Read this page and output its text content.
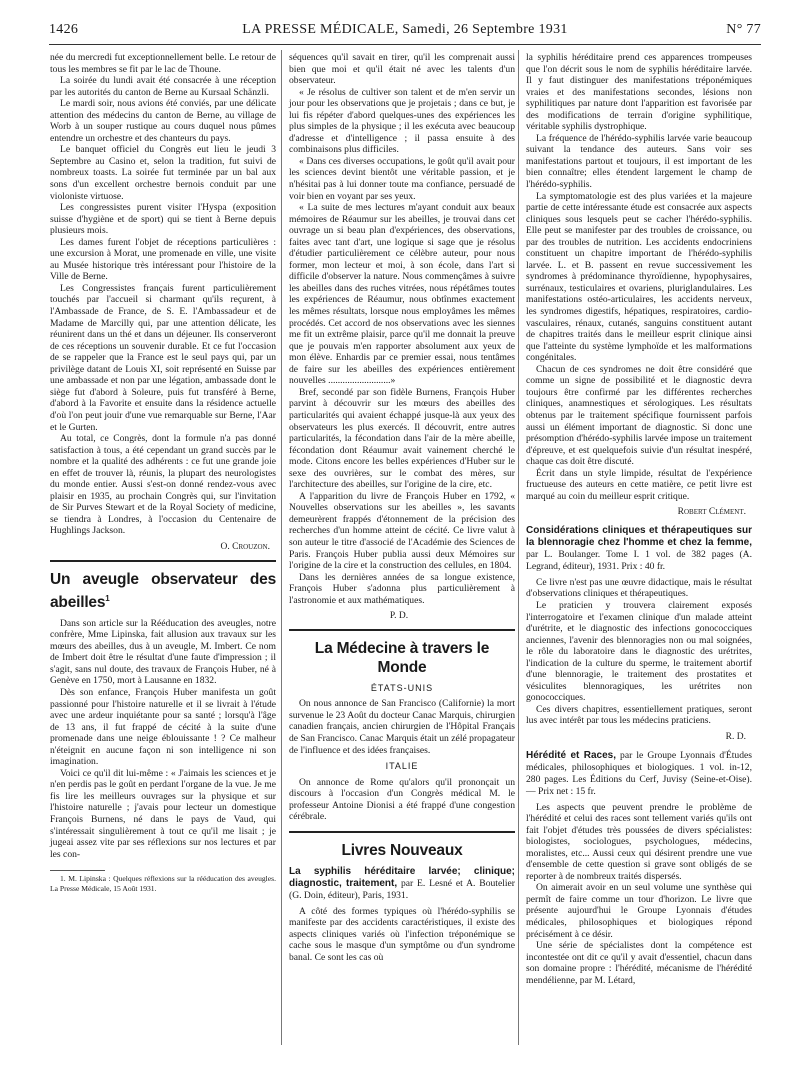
1426	LA PRESSE MÉDICALE, Samedi, 26 Septembre 1931	N° 77

née du mercredi fut exceptionnellement belle. Le retour de tous les membres se fit par le lac de Thoune.

La soirée du lundi avait été consacrée à une réception par les autorités du canton de Berne au Kursaal Schänzli.

Le mardi soir, nous avions été conviés, par une délicate attention des médecins du canton de Berne, au village de Worb à un souper rustique au cours duquel nous pûmes entendre un orchestre et des chanteurs du pays.

Le banquet officiel du Congrès eut lieu le jeudi 3 Septembre au Casino et, selon la tradition, fut suivi de nombreux toasts. La soirée fut terminée par un bal aux sons d'un excellent orchestre bernois conduit par une violoniste virtuose.

Les congressistes purent visiter l'Hyspa (exposition suisse d'hygiène et de sport) qui se tient à Berne depuis plusieurs mois.

Les dames furent l'objet de réceptions particulières : une excursion à Morat, une promenade en ville, une visite au Musée historique très intéressant pour l'histoire de la Ville de Berne.

Les Congressistes français furent particulièrement touchés par l'accueil si charmant qu'ils reçurent, à l'Ambassade de France, de S. E. l'Ambassadeur et de Madame de Marcilly qui, par une attention délicate, les réunirent dans un thé et dans un déjeuner. Ils conserveront de ces réceptions un souvenir durable. Et ce fut l'occasion de se rappeler que la France est le seul pays qui, par un privilège datant de Louis XI, soit représenté en Suisse par une ambassade et non par une légation, ambassade dont le siège fut d'abord à Soleure, puis fut transféré à Berne, d'abord à la Favorite et ensuite dans la résidence actuelle d'où l'on peut jouir d'une vue remarquable sur Berne, l'Aar et le Gurten.

Au total, ce Congrès, dont la formule n'a pas donné satisfaction à tous, a été cependant un grand succès par le nombre et la qualité des adhérents : ce fut une grande joie en effet de trouver là, réunis, la plupart des neurologistes du monde entier. Aussi s'est-on donné rendez-vous avec plaisir en 1935, au prochain Congrès qui, sur l'invitation de Sir Purves Stewart et de la Royal Society of medicine, se tiendra à Londres, à l'occasion du Centenaire de Hughlings Jackson.

O. Crouzon.
Un aveugle observateur des abeilles$^1$

Dans son article sur la Rééducation des aveugles, notre confrère, Mme Lipinska, fait allusion aux travaux sur les mœurs des abeilles, dus à un aveugle, M. Imbert. Ce nom de Imbert doit être le résultat d'une faute d'impression ; il s'agit, sans nul doute, des travaux de François Huber, né à Genève en 1750, mort à Lausanne en 1832.

Dès son enfance, François Huber manifesta un goût passionné pour l'histoire naturelle et il se livrait à l'étude avec une ardeur inquiétante pour sa santé ; lorsqu'à l'âge de 13 ans, il fut frappé de cécité à la suite d'une promenade dans une neige éblouissante ! ? Ce malheur n'éteignit en aucune façon ni son intelligence ni son imagination.

Voici ce qu'il dit lui-même : « J'aimais les sciences et je n'en perdis pas le goût en perdant l'organe de la vue. Je me fis lire les meilleurs ouvrages sur la physique et sur l'histoire naturelle ; j'avais pour lecteur un domestique François Burnens, né dans le pays de Vaud, qui s'intéressait singulièrement à tout ce qu'il me lisait ; je jugeai assez vite par ses réflexions sur nos lectures et par les con-

1. M. Lipinska : Quelques réflexions sur la rééducation des aveugles. La Presse Médicale, 15 Août 1931.

séquences qu'il savait en tirer, qu'il les comprenait aussi bien que moi et qu'il était né avec les talents d'un observateur.

« Je résolus de cultiver son talent et de m'en servir un jour pour les observations que je projetais ; dans ce but, je lui fis répéter d'abord quelques-unes des expériences les plus simples de la physique ; il les exécuta avec beaucoup d'adresse et d'intelligence ; il passa ensuite à des combinaisons plus difficiles.

« Dans ces diverses occupations, le goût qu'il avait pour les sciences devint bientôt une véritable passion, et je n'hésitai pas à lui donner toute ma confiance, persuadé de voir bien en voyant par ses yeux.

« La suite de mes lectures m'ayant conduit aux beaux mémoires de Réaumur sur les abeilles, je trouvai dans cet ouvrage un si beau plan d'expériences, des observations, faites avec tant d'art, une logique si sage que je résolus d'étudier particulièrement ce célèbre auteur, pour nous former, mon lecteur et moi, à son école, dans l'art si difficile d'observer la nature. Nous commençâmes à suivre les abeilles dans des ruches vitrées, nous répétâmes toutes les expériences de Réaumur, nous obtînmes exactement les mêmes résultats, lorsque nous employâmes les mêmes procédés. Cet accord de nos observations avec les siennes me fit un extrême plaisir, parce qu'il me donnait la preuve que je pouvais m'en rapporter absolument aux yeux de mon élève. Enhardis par ce premier essai, nous tentâmes de faire sur les abeilles des expériences entièrement nouvelles ..........................»

Bref, secondé par son fidèle Burnens, François Huber parvint à découvrir sur les mœurs des abeilles des particularités qui avaient échappé jusque-là aux yeux des observateurs les plus exercés. Il découvrit, entre autres particularités, la fécondation dans l'air de la mère abeille, fécondation dont Réaumur avait vainement cherché le mode. Citons encore les belles expériences d'Huber sur le sexe des ouvrières, sur le combat des mères, sur l'architecture des abeilles, sur l'origine de la cire, etc.

A l'apparition du livre de François Huber en 1792, « Nouvelles observations sur les abeilles », les savants demeurèrent frappés d'étonnement de la précision des recherches d'un homme atteint de cécité. Ce livre valut à son auteur le titre d'associé de l'Académie des Sciences de Paris. François Huber publia aussi deux Mémoires sur l'origine de la cire et la construction des cellules, en 1804.

Dans les dernières années de sa longue existence, François Huber s'adonna plus particulièrement à l'astronomie et aux mathématiques.

P. D.
La Médecine à travers le Monde
ÉTATS-UNIS

On nous annonce de San Francisco (Californie) la mort survenue le 23 Août du docteur Canac Marquis, chirurgien canadien français, ancien chirurgien de l'Hôpital Français de San Francisco. Canac Marquis était un zélé propagateur de l'influence et des idées françaises.

ITALIE

On annonce de Rome qu'alors qu'il prononçait un discours à l'occasion d'un Congrès médical M. le professeur Antoine Dionisi a été frappé d'une congestion cérébrale.

Livres Nouveaux
La syphilis héréditaire larvée; clinique; diagnostic, traitement, par E. Lesné et A. Boutelier (G. Doin, éditeur), Paris, 1931.

A côté des formes typiques où l'hérédo-syphilis se manifeste par des accidents caractéristiques, il existe des aspects cliniques variés où l'infection tréponémique se cache sous le masque d'un symptôme ou d'un syndrome banal. Ce sont les cas où

la syphilis héréditaire prend ces apparences trompeuses que l'on décrit sous le nom de syphilis héréditaire larvée. Il y faut distinguer des manifestations tréponémiques vraies et des manifestations secondes, lésions non syphilitiques par nature dont l'apparition est favorisée par des modifications de terrain d'origine syphilitique, véritable syphilis dystrophique.

La fréquence de l'hérédo-syphilis larvée varie beaucoup suivant la tendance des auteurs. Sans voir ses manifestations partout et toujours, il est important de les bien connaître; elles étendent largement le champ de l'hérédo-syphilis.

La symptomatologie est des plus variées et la majeure partie de cette intéressante étude est consacrée aux aspects cliniques sous lesquels peut se cacher l'hérédo-syphilis. Elle peut se manifester par des troubles de croissance, ou par des troubles de nutrition. Les accidents endocriniens constituent un chapitre important de l'hérédo-syphilis larvée. L. et B. passent en revue successivement les syndromes à prédominance thyroïdienne, hypophysaires, surrénaux, testiculaires et ovariens, pluriglandulaires. Les manifestations ostéo-articulaires, les accidents nerveux, les syndromes digestifs, hépatiques, respiratoires, cardio-vasculaires, rénaux, cutanés, sanguins constituent autant de chapitres traités dans le meilleur esprit clinique ainsi que l'atteinte du système lymphoïde et les malformations congénitales.

Chacun de ces syndromes ne doit être considéré que comme un signe de possibilité et le diagnostic devra toujours être confirmé par les différentes recherches cliniques, anamnestiques et sérologiques. Les résultats obtenus par le traitement spécifique fournissent parfois aussi un élément important de diagnostic. Si donc une présomption d'hérédo-syphilis larvée impose un traitement d'épreuve, et est quelquefois suivie d'un résultat inespéré, chaque cas doit être discuté.

Écrit dans un style limpide, résultat de l'expérience fructueuse des auteurs en cette matière, ce petit livre est marqué au coin du meilleur esprit critique.

Robert Clément.
Considérations cliniques et thérapeutiques sur la blennoragie chez l'homme et chez la femme, par L. Boulanger. Tome I. 1 vol. de 382 pages (A. Legrand, éditeur), 1931. Prix : 40 fr.

Ce livre n'est pas une œuvre didactique, mais le résultat d'observations cliniques et thérapeutiques.

Le praticien y trouvera clairement exposés l'interrogatoire et l'examen clinique d'un malade atteint d'urétrite, et le diagnostic des infections gonococciques anciennes, l'avenir des blennoragies non ou mal soignées, le rôle du laboratoire dans le diagnostic des urétrites, l'indication de la culture du sperme, le traitement abortif d'une blennoragie, le traitement des prostatites et vésiculites blennoragiques, les urétrites non gonococciques.

Ces divers chapitres, essentiellement pratiques, seront lus avec intérêt par tous les médecins praticiens.

R. D.
Hérédité et Races, par le Groupe Lyonnais d'Études médicales, philosophiques et biologiques. 1 vol. in-12, 280 pages. Les Éditions du Cerf, Juvisy (Seine-et-Oise). — Prix net : 15 fr.

Les aspects que peuvent prendre le problème de l'hérédité et celui des races sont tellement variés qu'ils ont fait l'objet d'études très poussées de divers spécialistes: biologistes, sociologues, psychologues, médecins, moralistes, etc... Aussi ceux qui désirent prendre une vue d'ensemble de cette question si grave sont obligés de se reporter à de nombreux traités dispersés.

On aimerait avoir en un seul volume une synthèse qui permît de faire comme un tour d'horizon. Le livre que présente aujourd'hui le Groupe Lyonnais d'études médicales, philosophiques et biologiques répond précisément à ce désir.

Une série de spécialistes dont la compétence est incontestée ont dit ce qu'il y avait d'essentiel, chacun dans son domaine propre : l'hérédité, mécanisme de l'hérédité mendélienne, par M. Létard,
